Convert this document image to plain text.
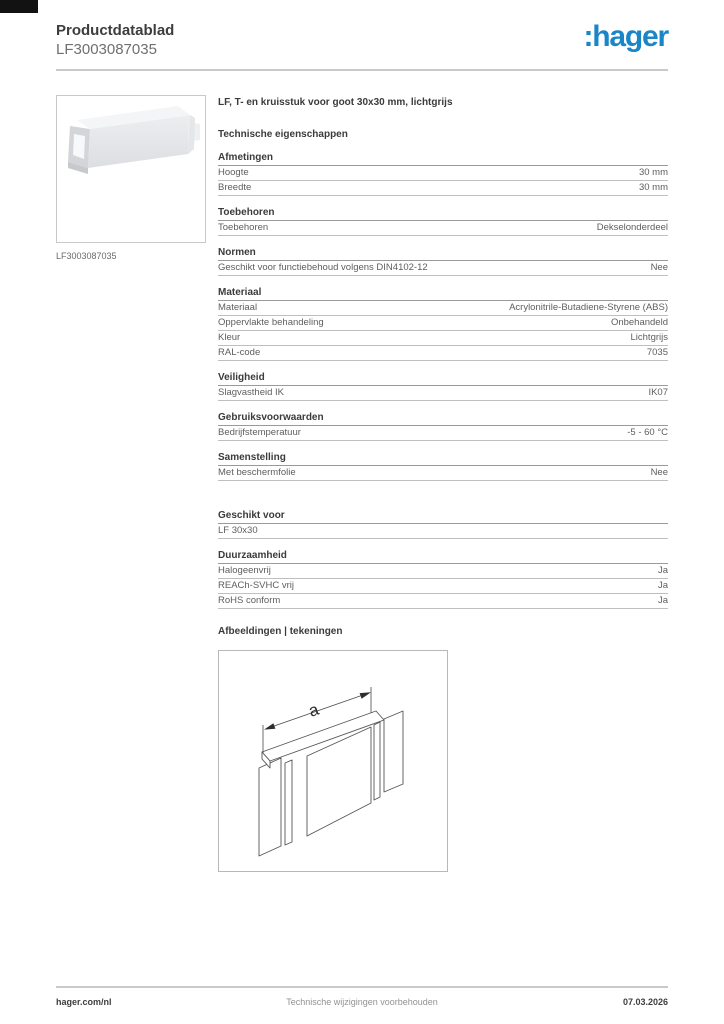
Productdatablad
LF3003087035	:hager
LF3003087035
LF, T- en kruisstuk voor goot 30x30 mm, lichtgrijs
Technische eigenschappen
Afmetingen
Hoogte	30 mm
Breedte	30 mm
Toebehoren
Toebehoren	Dekselonderdeel
Normen
Geschikt voor functiebehoud volgens DIN4102-12	Nee
Materiaal
Materiaal	Acrylonitrile-Butadiene-Styrene (ABS)
Oppervlakte behandeling	Onbehandeld
Kleur	Lichtgrijs
RAL-code	7035
Veiligheid
Slagvastheid IK	IK07
Gebruiksvoorwaarden
Bedrijfstemperatuur	-5 - 60 °C
Samenstelling
Met beschermfolie	Nee
Geschikt voor
LF 30x30
Duurzaamheid
Halogeenvrij	Ja
REACh-SVHC vrij	Ja
RoHS conform	Ja
Afbeeldingen | tekeningen
a
hager.com/nl	Technische wijzigingen voorbehouden	07.03.2026
